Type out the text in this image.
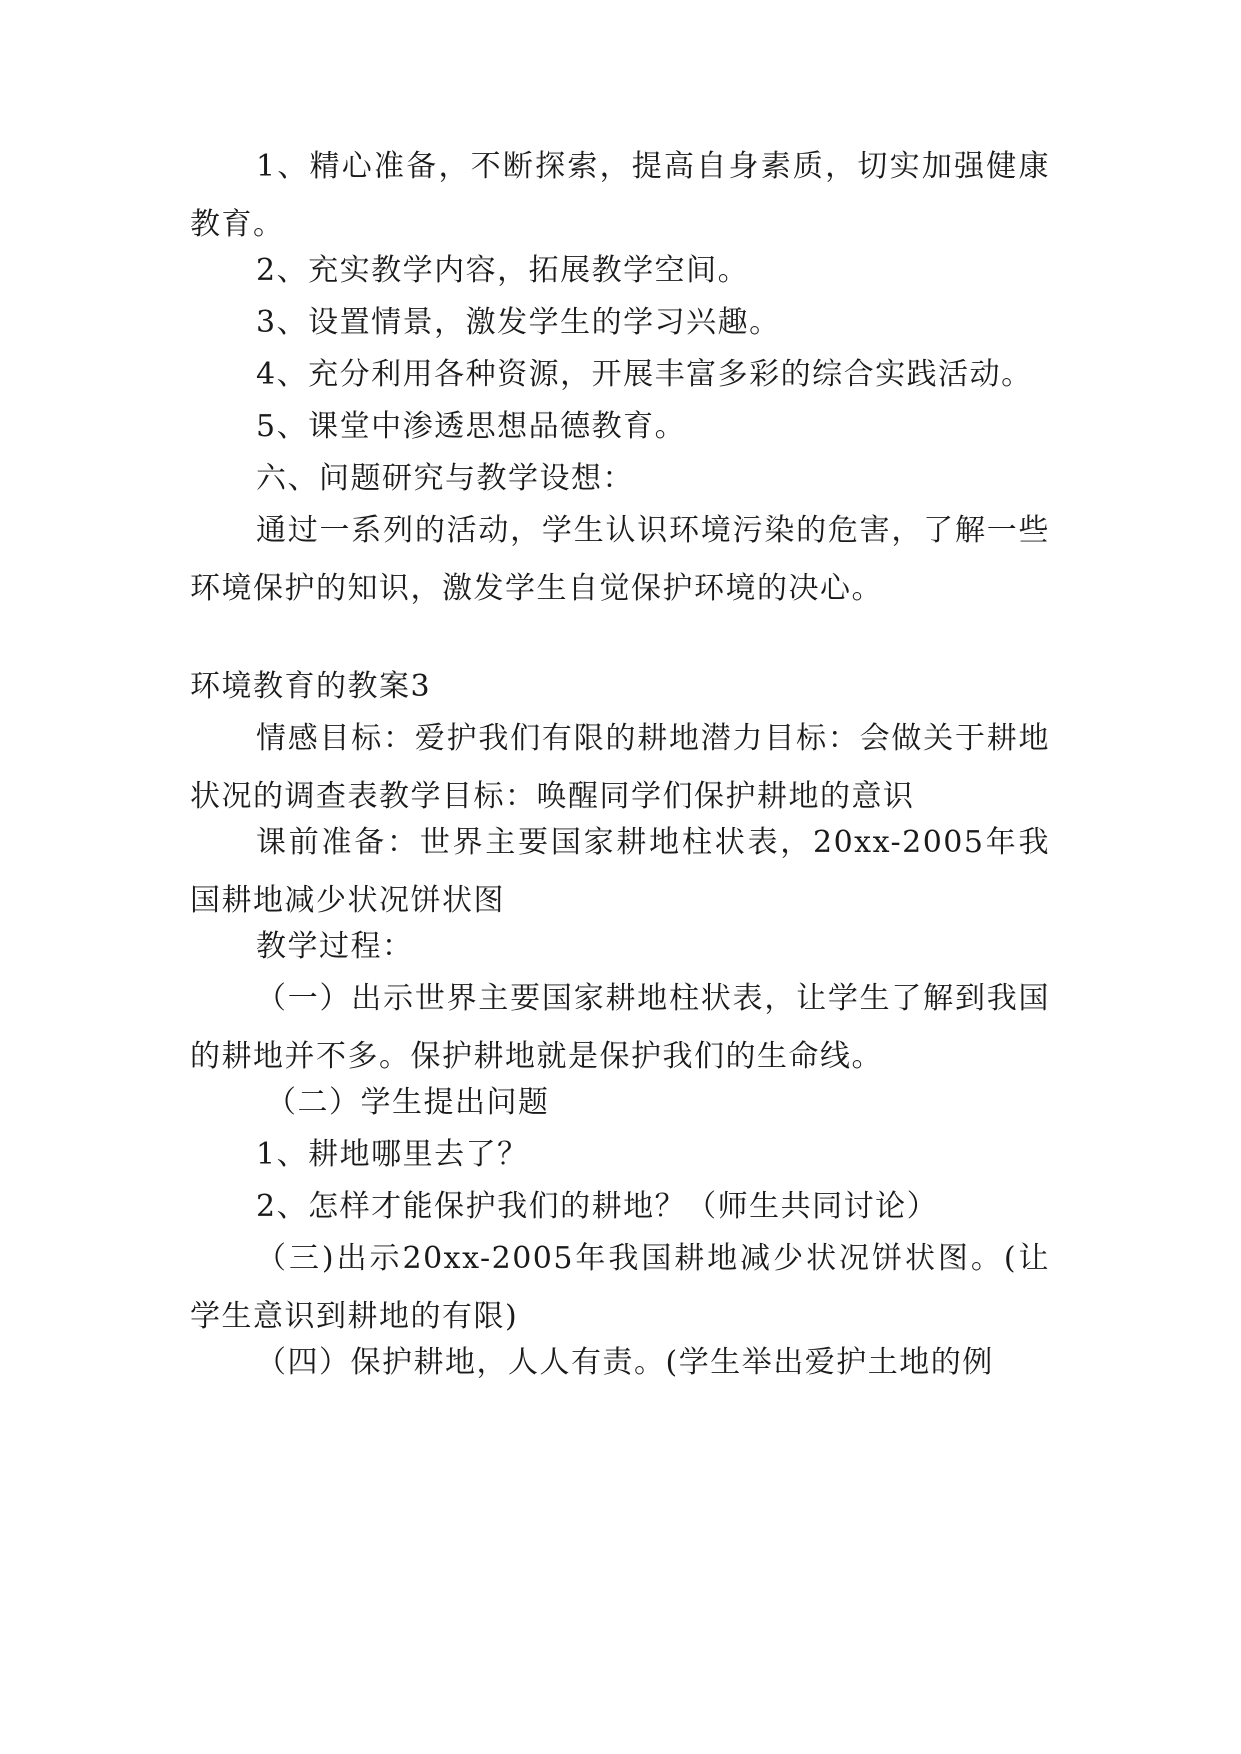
1、精心准备，不断探索，提高自身素质，切实加强健康教育。

2、充实教学内容，拓展教学空间。

3、设置情景，激发学生的学习兴趣。

4、充分利用各种资源，开展丰富多彩的综合实践活动。

5、课堂中渗透思想品德教育。

六、问题研究与教学设想：

通过一系列的活动，学生认识环境污染的危害，了解一些环境保护的知识，激发学生自觉保护环境的决心。

环境教育的教案3

情感目标：爱护我们有限的耕地潜力目标：会做关于耕地状况的调查表教学目标：唤醒同学们保护耕地的意识

课前准备：世界主要国家耕地柱状表，20xx-2005年我国耕地减少状况饼状图

教学过程：

（一）出示世界主要国家耕地柱状表，让学生了解到我国的耕地并不多。保护耕地就是保护我们的生命线。

（二）学生提出问题

1、耕地哪里去了？

2、怎样才能保护我们的耕地？（师生共同讨论）

（三)出示20xx-2005年我国耕地减少状况饼状图。(让学生意识到耕地的有限)

（四）保护耕地，人人有责。(学生举出爱护土地的例
